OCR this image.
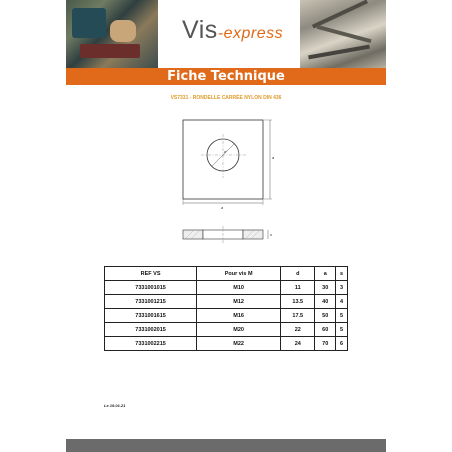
Vis-express
Fiche Technique
VS7331 - RONDELLE CARRÉE NYLON DIN 436
d
a
a
s
REF VS	Pour vis M	d	a	s
7331001015	M10	11	30	3
7331001215	M12	13.5	40	4
7331001615	M16	17.5	50	5
7331002015	M20	22	60	5
7331002215	M22	24	70	6
Le 19.01.21
